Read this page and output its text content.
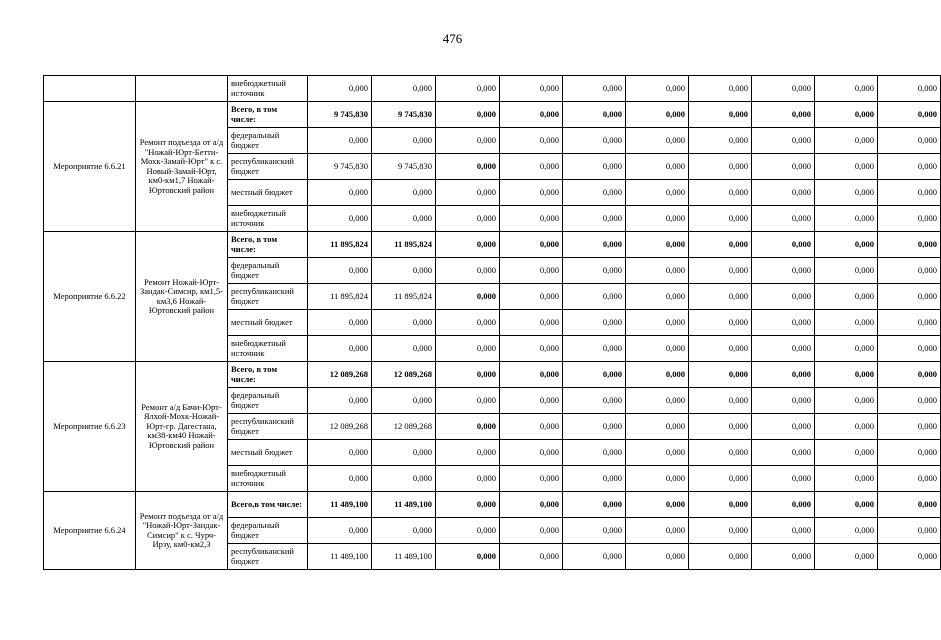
476
		внебюджетный источник	0,000	0,000	0,000	0,000	0,000	0,000	0,000	0,000	0,000	0,000
Мероприятие 6.6.21	Ремонт подъезда от а/д "Ножай-Юрт-Бетти-Мохк-Замай-Юрт" к с. Новый-Замай-Юрт, км0-км1,7 Ножай-Юртовский район	Всего, в том числе:	9 745,830	9 745,830	0,000	0,000	0,000	0,000	0,000	0,000	0,000	0,000
		федеральный бюджет	0,000	0,000	0,000	0,000	0,000	0,000	0,000	0,000	0,000	0,000
		республиканский бюджет	9 745,830	9 745,830	0,000	0,000	0,000	0,000	0,000	0,000	0,000	0,000
		местный бюджет	0,000	0,000	0,000	0,000	0,000	0,000	0,000	0,000	0,000	0,000
		внебюджетный источник	0,000	0,000	0,000	0,000	0,000	0,000	0,000	0,000	0,000	0,000
Мероприятие 6.6.22	Ремонт Ножай-Юрт-Зандак-Симсир, км1,5-км3,6 Ножай-Юртовский район	Всего, в том числе:	11 895,824	11 895,824	0,000	0,000	0,000	0,000	0,000	0,000	0,000	0,000
		федеральный бюджет	0,000	0,000	0,000	0,000	0,000	0,000	0,000	0,000	0,000	0,000
		республиканский бюджет	11 895,824	11 895,824	0,000	0,000	0,000	0,000	0,000	0,000	0,000	0,000
		местный бюджет	0,000	0,000	0,000	0,000	0,000	0,000	0,000	0,000	0,000	0,000
		внебюджетный источник	0,000	0,000	0,000	0,000	0,000	0,000	0,000	0,000	0,000	0,000
Мероприятие 6.6.23	Ремонт а/д Бачи-Юрт-Ялхой-Мохк-Ножай-Юрт-гр. Дагестана, км38-км40 Ножай-Юртовский район	Всего, в том числе:	12 089,268	12 089,268	0,000	0,000	0,000	0,000	0,000	0,000	0,000	0,000
		федеральный бюджет	0,000	0,000	0,000	0,000	0,000	0,000	0,000	0,000	0,000	0,000
		республиканский бюджет	12 089,268	12 089,268	0,000	0,000	0,000	0,000	0,000	0,000	0,000	0,000
		местный бюджет	0,000	0,000	0,000	0,000	0,000	0,000	0,000	0,000	0,000	0,000
		внебюджетный источник	0,000	0,000	0,000	0,000	0,000	0,000	0,000	0,000	0,000	0,000
Мероприятие 6.6.24	Ремонт подъезда от а/д "Ножай-Юрт-Зандак-Симсир" к с. Чурч-Ирзу, км0-км2,3	Всего,в том числе:	11 489,100	11 489,100	0,000	0,000	0,000	0,000	0,000	0,000	0,000	0,000
		федеральный бюджет	0,000	0,000	0,000	0,000	0,000	0,000	0,000	0,000	0,000	0,000
		республиканский бюджет	11 489,100	11 489,100	0,000	0,000	0,000	0,000	0,000	0,000	0,000	0,000
